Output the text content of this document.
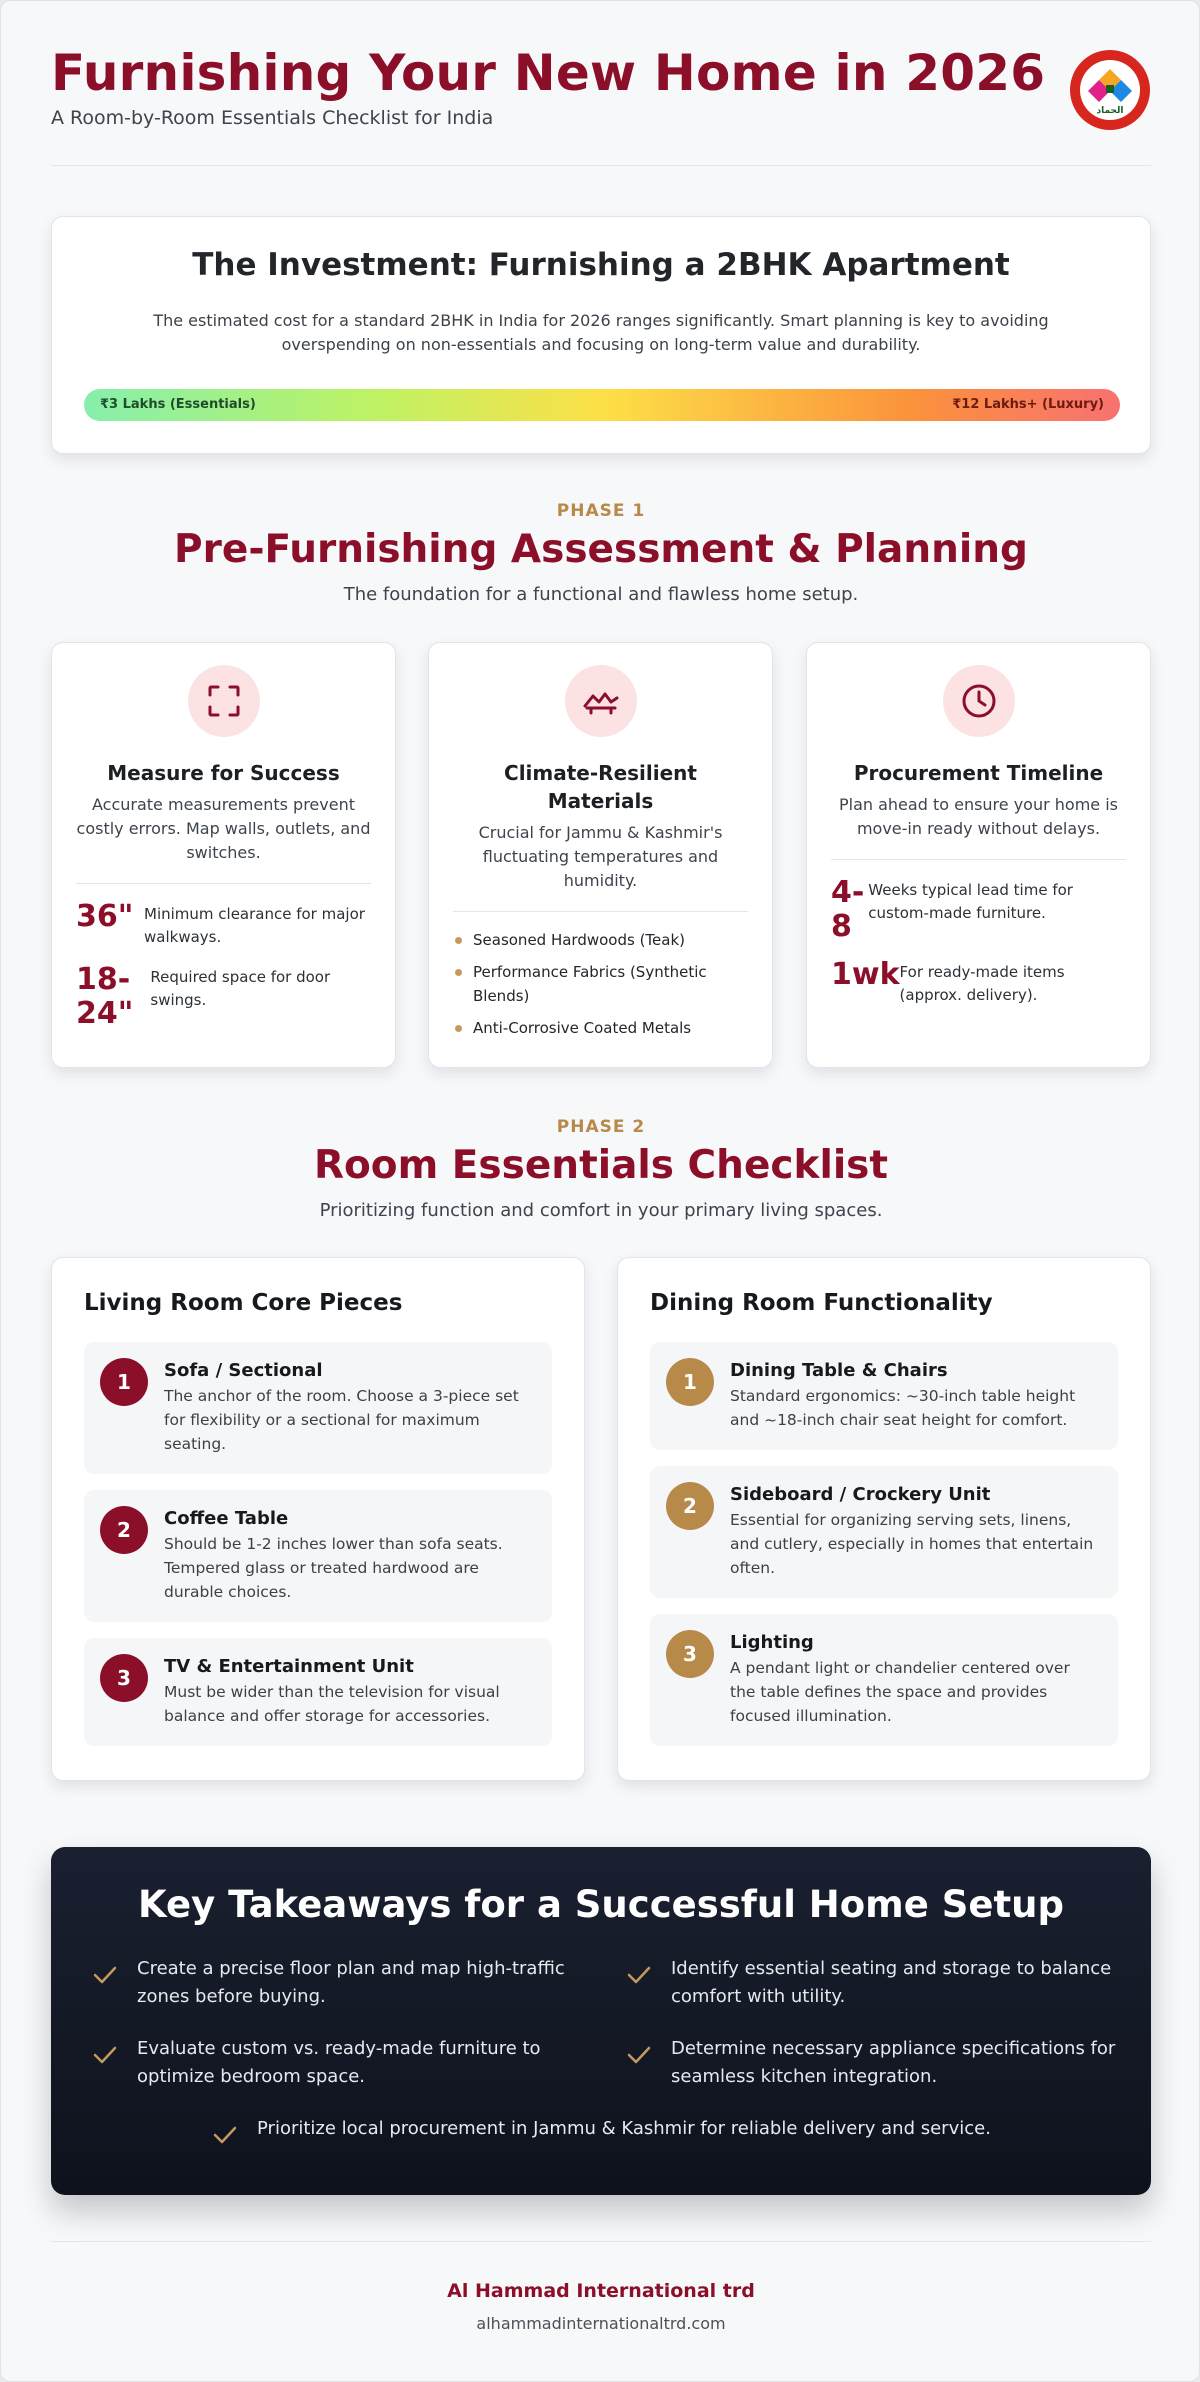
Furnishing Your New Home in 2026
A Room-by-Room Essentials Checklist for India	الحماد
The Investment: Furnishing a 2BHK Apartment

The estimated cost for a standard 2BHK in India for 2026 ranges significantly. Smart planning is key to avoiding overspending on non-essentials and focusing on long-term value and durability.

₹3 Lakhs (Essentials)	₹12 Lakhs+ (Luxury)
PHASE 1
Pre-Furnishing Assessment & Planning

The foundation for a functional and flawless home setup.

Measure for Success
Accurate measurements prevent costly errors. Map walls, outlets, and switches.
36" Minimum clearance for major walkways.
18-24"
Required space for door swings.
Climate-Resilient Materials
Crucial for Jammu & Kashmir's fluctuating temperatures and humidity.
Seasoned Hardwoods (Teak)
Performance Fabrics (Synthetic Blends)
Anti-Corrosive Coated Metals
Procurement Timeline
Plan ahead to ensure your home is move-in ready without delays.
4-8
Weeks typical lead time for custom-made furniture.
1wk For ready-made items (approx. delivery).
PHASE 2
Room Essentials Checklist

Prioritizing function and comfort in your primary living spaces.

Living Room Core Pieces
1	Sofa / Sectional
The anchor of the room. Choose a 3-piece set for flexibility or a sectional for maximum seating.
2	Coffee Table
Should be 1-2 inches lower than sofa seats. Tempered glass or treated hardwood are durable choices.
3	TV & Entertainment Unit
Must be wider than the television for visual balance and offer storage for accessories.
Dining Room Functionality
1	Dining Table & Chairs
Standard ergonomics: ~30-inch table height and ~18-inch chair seat height for comfort.
2	Sideboard / Crockery Unit
Essential for organizing serving sets, linens, and cutlery, especially in homes that entertain often.
3	Lighting
A pendant light or chandelier centered over the table defines the space and provides focused illumination.
Key Takeaways for a Successful Home Setup
Create a precise floor plan and map high-traffic zones before buying.
Identify essential seating and storage to balance comfort with utility.
Evaluate custom vs. ready-made furniture to optimize bedroom space.
Determine necessary appliance specifications for seamless kitchen integration.
Prioritize local procurement in Jammu & Kashmir for reliable delivery and service.
Al Hammad International trd
alhammadinternationaltrd.com
